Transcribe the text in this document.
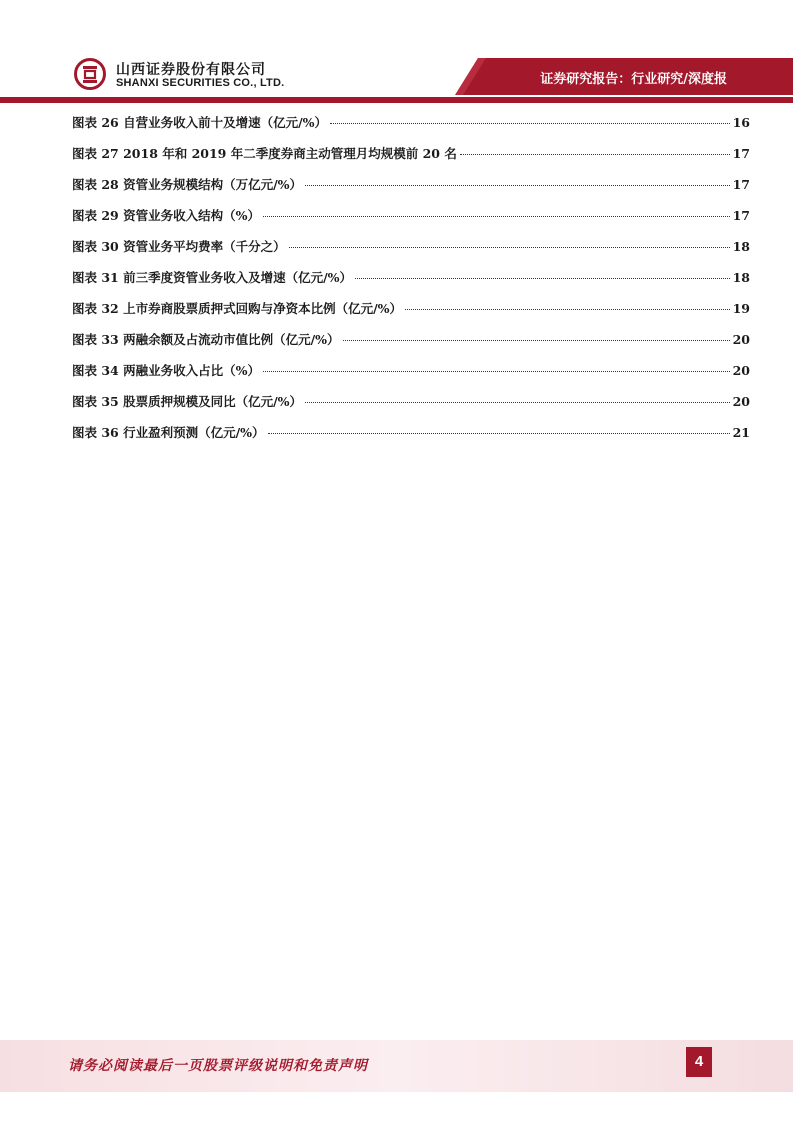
山西证券股份有限公司
SHANXI SECURITIES CO., LTD.	证券研究报告：行业研究/深度报
图表 26 自营业务收入前十及增速（亿元/%）	16
图表 27 2018 年和 2019 年二季度券商主动管理月均规模前 20 名	17
图表 28 资管业务规模结构（万亿元/%）	17
图表 29 资管业务收入结构（%）	17
图表 30 资管业务平均费率（千分之）	18
图表 31 前三季度资管业务收入及增速（亿元/%）	18
图表 32 上市券商股票质押式回购与净资本比例（亿元/%）	19
图表 33 两融余额及占流动市值比例（亿元/%）	20
图表 34 两融业务收入占比（%）	20
图表 35 股票质押规模及同比（亿元/%）	20
图表 36 行业盈利预测（亿元/%）	21
请务必阅读最后一页股票评级说明和免责声明	4
